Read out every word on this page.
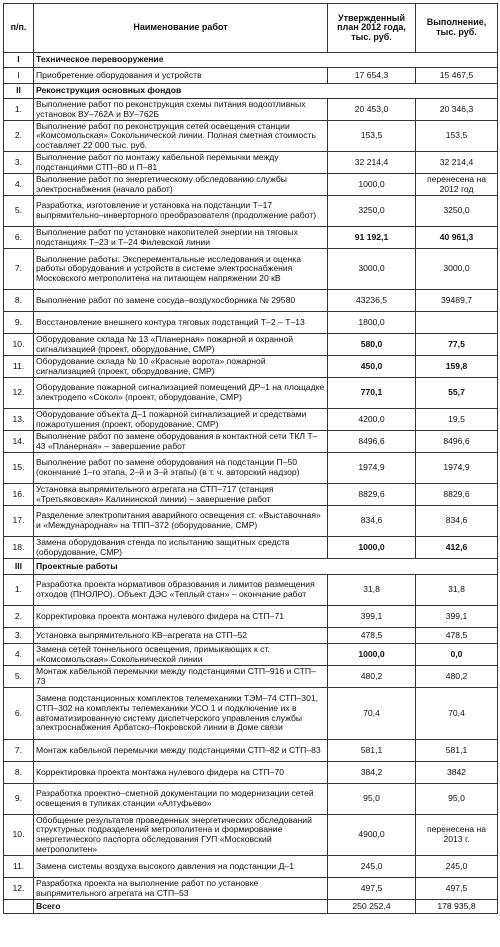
п/п.	Наименование работ	Утвержденный план 2012 года, тыс. руб.	Выполнение, тыс. руб.
I	Техническое перевооружение		
I	Приобретение оборудования и устройств	17 654,3	15 467,5
II	Реконструкция основных фондов		
1.	Выполнение работ по реконструкция схемы питания водоотливных установок ВУ–762А и ВУ–762Б	20 453,0	20 346,3
2.	Выполнение работ по реконструкция сетей освещения станции «Комсомольская» Сокольнической линии. Полная сметная стоимость составляет 22 000 тыс. руб.	153,5	153,5
3.	Выполнение работ по монтажу кабельной перемычки между подстанциями СТП–80 и П–81	32 214,4	32 214,4
4.	Выполнение работ по энергетическому обследованию службы электроснабжения (начало работ)	1000,0	перенесена на 2012 год
5.	Разработка, изготовление и установка на подстанции Т–17 выпрямительно–инверторного преобразователя (продолжение работ)	3250,0	3250,0
6.	Выполнение работ по установке накопителей энергии на тяговых подстанциях Т–23 и Т–24 Филевской линии	91 192,1	40 961,3
7.	Выполнение работы: Эксперементальные исследования и оценка работы оборудования и устройств в системе электроснабжения Московского метрополитена на питающем напряжении 20 кВ	3000,0	3000,0
8.	Выполнение работ по замене сосуда–воздухосборника № 29580	43236,5	39489,7
9.	Восстановление внешнего контура тяговых подстанций Т–2 – Т–13	1800,0	
10.	Оборудование склада № 13 «Планерная» пожарной и охранной сигнализацией (проект, оборудование, СМР)	580,0	77,5
11.	Оборудование склада № 10 «Красные ворота» пожарной сигнализацией (проект, оборудование, СМР)	450,0	159,8
12.	Оборудование пожарной сигнализацией помещений ДР–1 на площадке электродепо «Сокол» (проект, оборудование, СМР)	770,1	55,7
13.	Оборудование объекта Д–1 пожарной сигнализацией и средствами пожаротушения (проект, оборудование, СМР)	4200,0	19,5
14.	Выполнение работ по замене оборудования в контактной сети ТКЛ Т–43 «Планерная» – завершение работ	8496,6	8496,6
15.	Выполнение работ по замене оборудования на подстанции П–50 (окончание 1–го этапа, 2–й и 3–й этапы) (в т. ч. авторский надзор)	1974,9	1974,9
16.	Установка выпрямительного агрегата на СТП–717 (станция «Третьяковская» Калининской линии) – завершение работ	8829,6	8829,6
17.	Разделение электропитания аварийного освещения ст. «Выставочная» и «Международная» на ТПП–372 (оборудование, СМР)	834,6	834,6
18.	Замена оборудования стенда по испытанию защитных средств (оборудование, СМР)	1000,0	412,6
III	Проектные работы		
1.	Разработка проекта нормативов образования и лимитов размещения отходов (ПНОЛРО). Объект ДЭС «Теплый стан» – окончание работ	31,8	31,8
2.	Корректировка проекта монтажа нулевого фидера на СТП–71	399,1	399,1
3.	Установка выпрямительного КВ–агрегата на СТП–52	478,5	478,5
4.	Замена сетей тоннельного освещения, примыкающих к ст. «Комсомольская» Сокольнической линии	1000,0	0,0
5.	Монтаж кабельной перемычки между подстанциями СТП–916 и СТП–73	480,2	480,2
6.	Замена подстанционных комплектов телемеханики ТЭМ–74 СТП–301, СТП–302 на комплекты телемеханики УСО 1 и подключение их в автоматизированную систему диспетчерского управления службы электроснабжения Арбатско–Покровской линии в Доме связи	70,4	70,4
7.	Монтаж кабельной перемычки между подстанциями СТП–82 и СТП–83	581,1	581,1
8.	Корректировка проекта монтажа нулевого фидера на СТП–70	384,2	3842
9.	Разработка проектно–сметной документации по модернизации сетей освещения в тупиках станции «Алтуфьево»	95,0	95,0
10.	Обобщение результатов проведенных энергетических обследований структурных подразделений метрополитена и формирование энергетического паспорта обследования ГУП «Московский метрополитен»	4900,0	перенесена на 2013 г.
11.	Замена системы воздуха высокого давления на подстанции Д–1	245,0	245,0
12.	Разработка проекта на выполнение работ по установке выпрямительного агрегата на СТП–53	497,5	497,5
	Всего	250 252,4	178 935,8
